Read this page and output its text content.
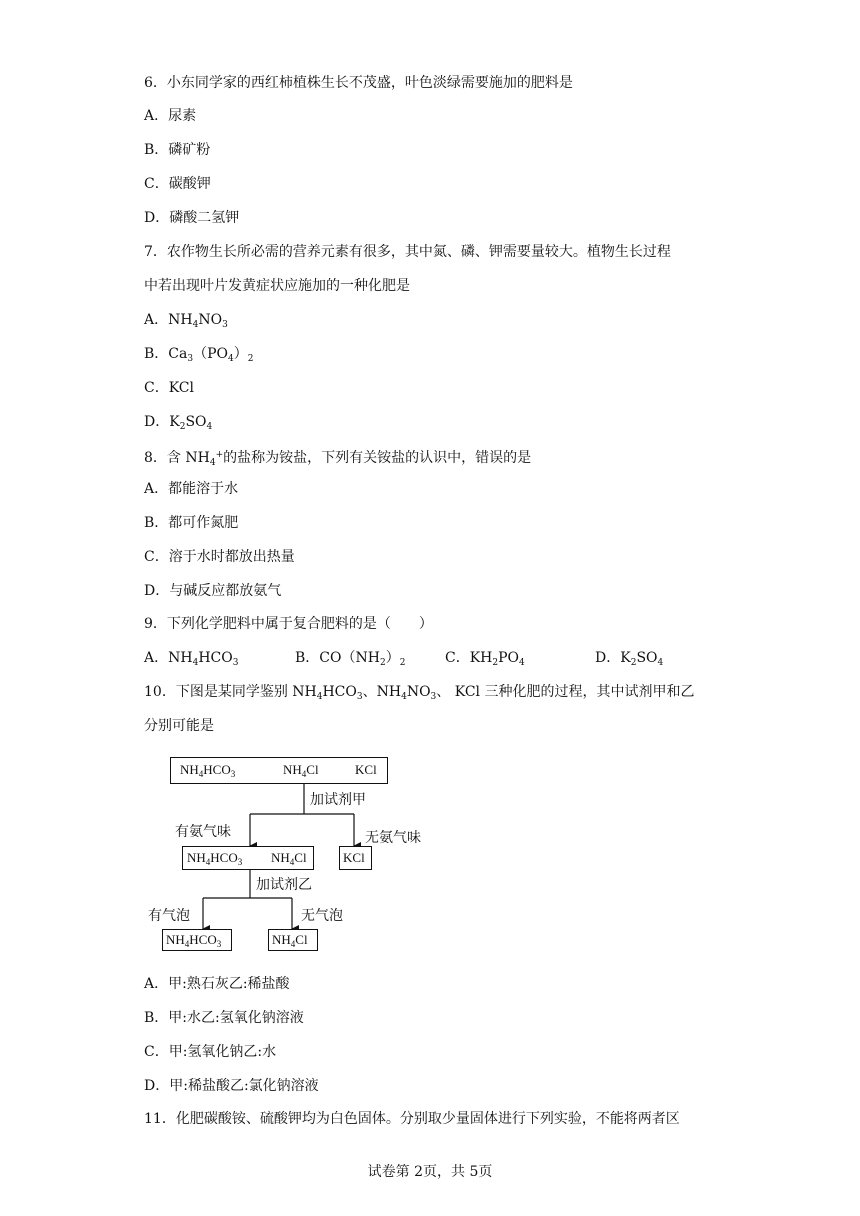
6．小东同学家的西红柿植株生长不茂盛，叶色淡绿需要施加的肥料是
A．尿素
B．磷矿粉
C．碳酸钾
D．磷酸二氢钾
7．农作物生长所必需的营养元素有很多，其中氮、磷、钾需要量较大。植物生长过程
中若出现叶片发黄症状应施加的一种化肥是
A．$NH_4NO_3$
B．$Ca_3(PO_4)_2$
C．KCl
D．$K_2SO_4$
8．含 $NH_4^+$的盐称为铵盐，下列有关铵盐的认识中，错误的是
A．都能溶于水
B．都可作氮肥
C．溶于水时都放出热量
D．与碱反应都放氨气
9．下列化学肥料中属于复合肥料的是（　　）
A．$NH_4HCO_3$	B．$CO(NH_2)_2$	C．$KH_2PO_4$	D．$K_2SO_4$
10．下图是某同学鉴别 $NH_4HCO_3$、$NH_4NO_3$、 KCl 三种化肥的过程，其中试剂甲和乙
分别可能是
$NH_4HCO_3$	$NH_4Cl$	KCl
加试剂甲
有氨气味	无氨气味
$NH_4HCO_3$ $NH_4Cl$	KCl
加试剂乙
有气泡	无气泡
$NH_4HCO_3$	$NH_4Cl$
A．甲:熟石灰乙:稀盐酸
B．甲:水乙:氢氧化钠溶液
C．甲:氢氧化钠乙:水
D．甲:稀盐酸乙:氯化钠溶液
11．化肥碳酸铵、硫酸钾均为白色固体。分别取少量固体进行下列实验，不能将两者区
试卷第 2页，共 5页
